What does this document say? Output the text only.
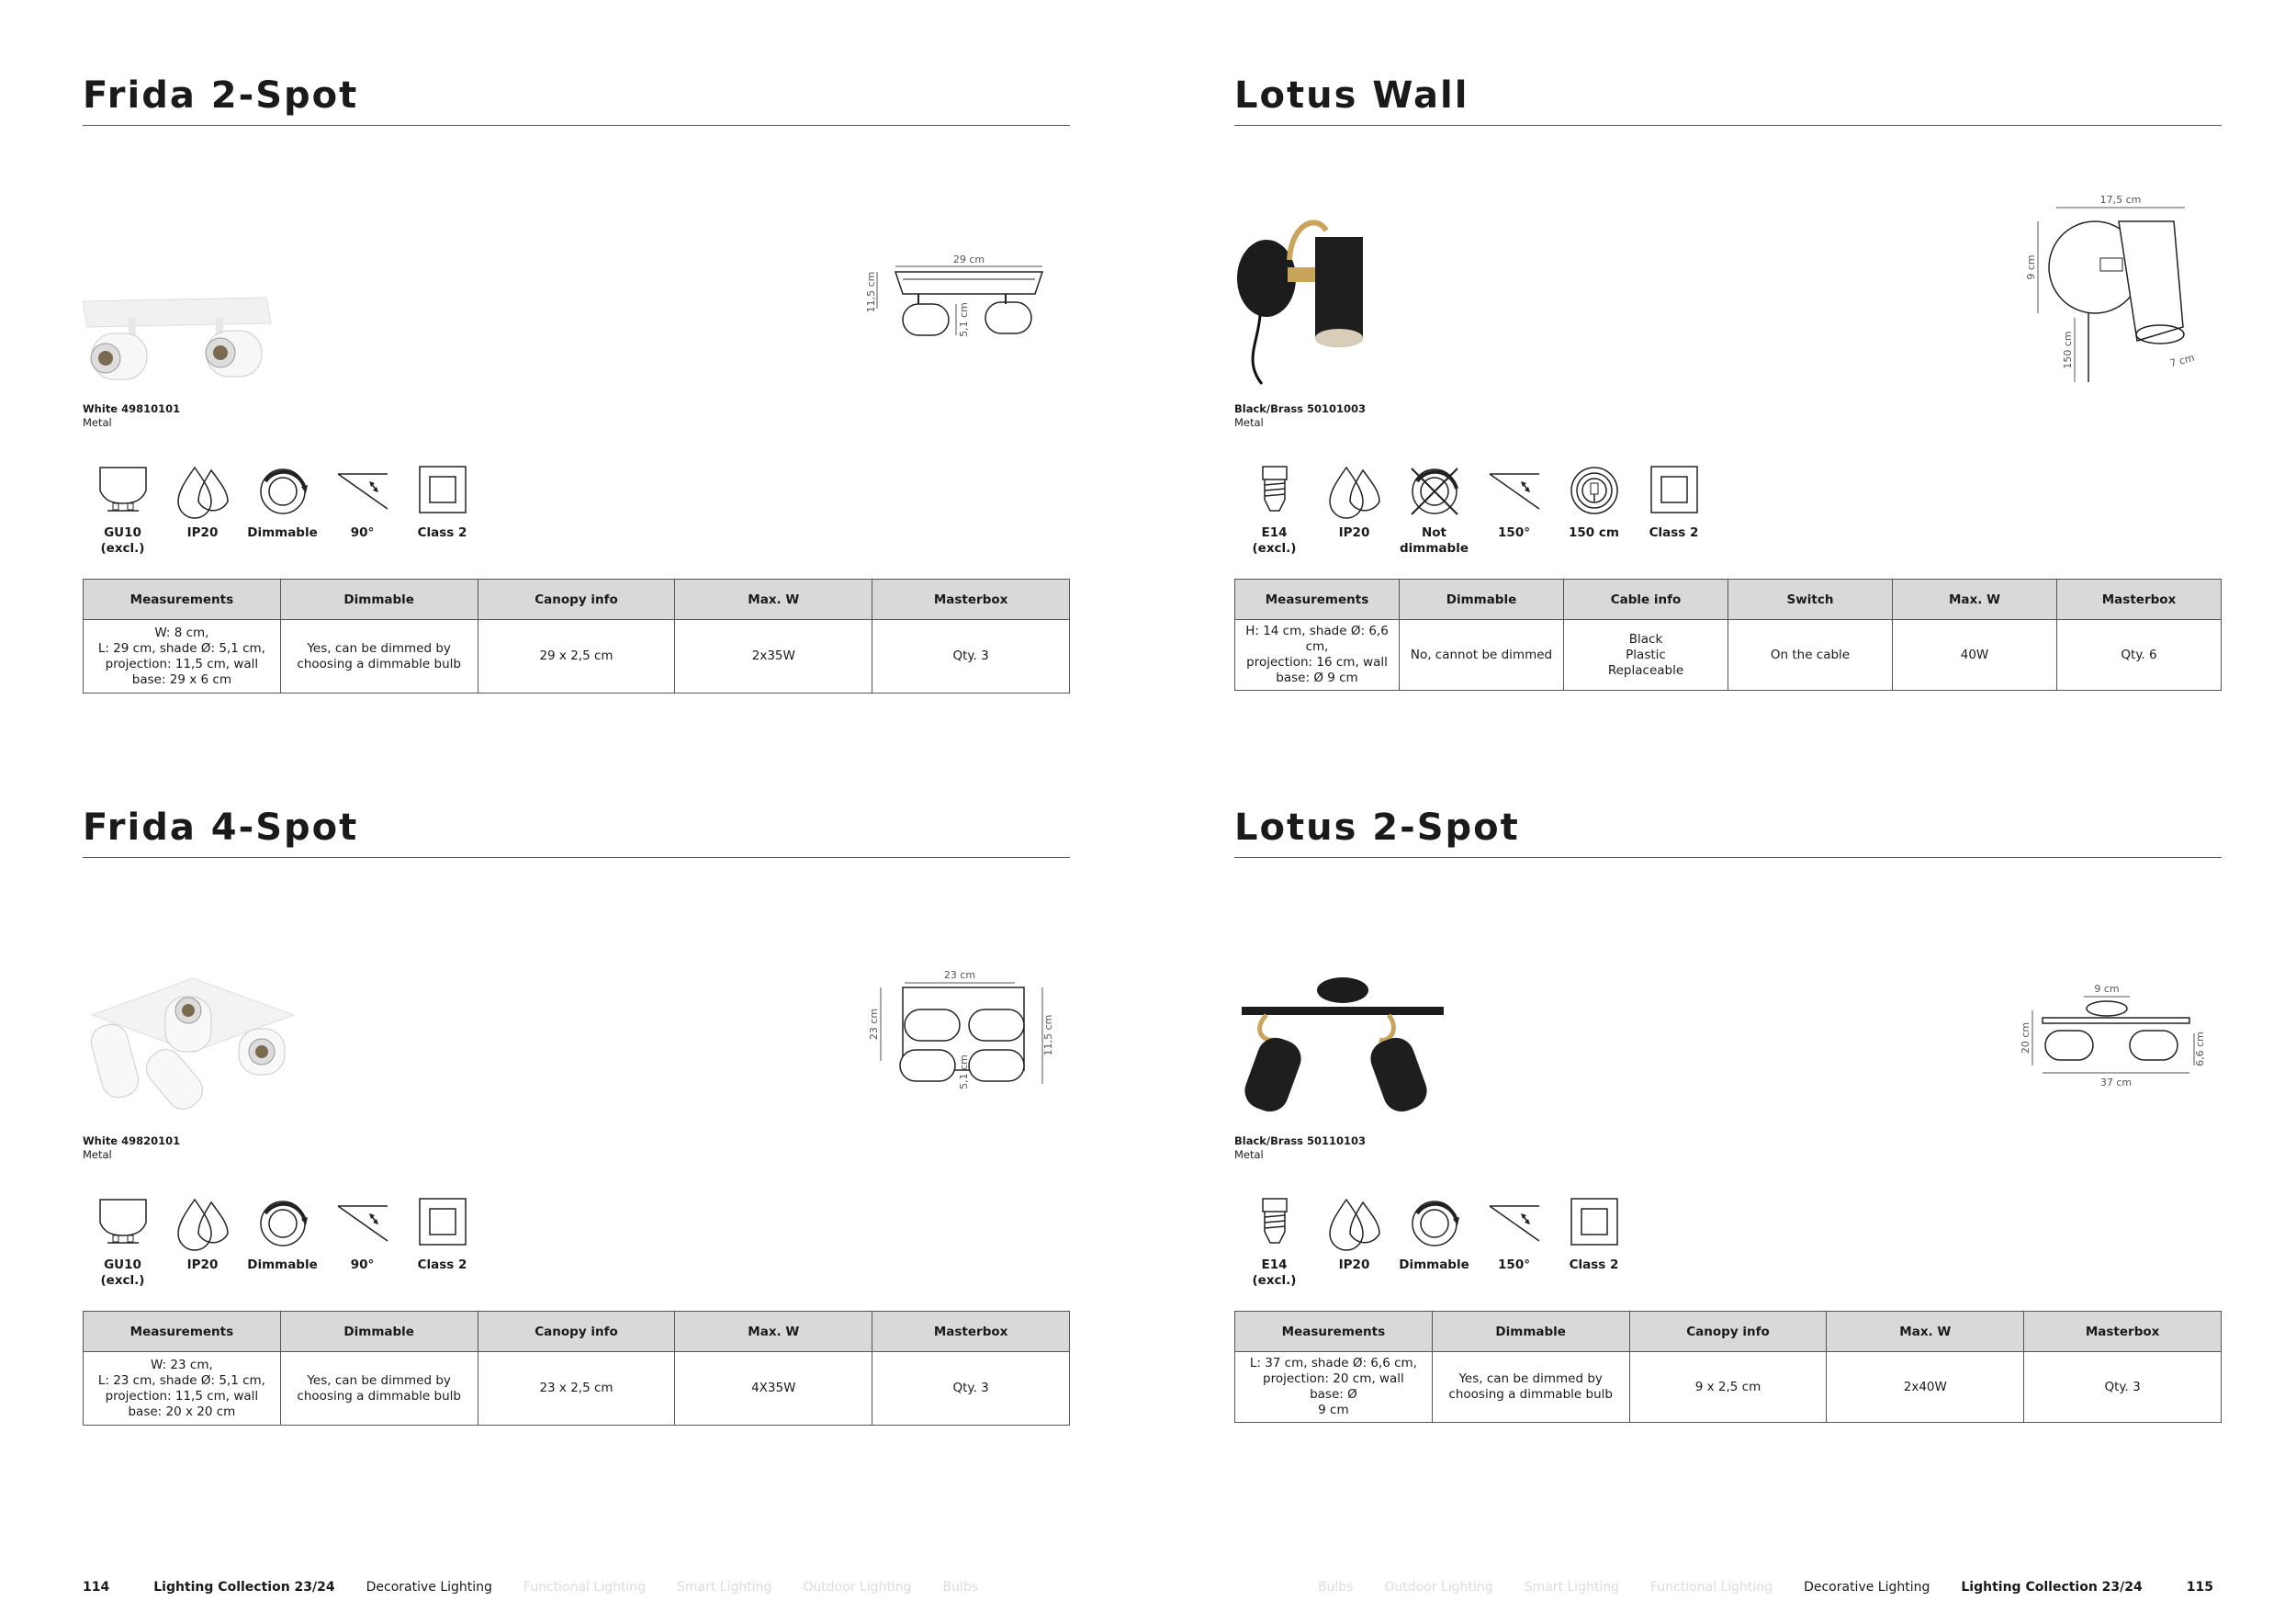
Frida 2-Spot
29 cm
11,5 cm
5,1 cm
White 49810101
Metal
GU10
(excl.)
IP20 Dimmable	90°	Class 2
Measurements	Dimmable	Canopy info	Max. W	Masterbox
W: 8 cm,
L: 29 cm, shade Ø: 5,1 cm,
projection: 11,5 cm, wall
base: 29 x 6 cm	Yes, can be dimmed by
choosing a dimmable bulb	29 x 2,5 cm	2x35W	Qty. 3
Lotus Wall
17,5 cm
9 cm
150 cm	7 cm
Black/Brass 50101003
Metal
E14
(excl.)
IP20	Not
dimmable
150°	150 cm Class 2
Measurements	Dimmable	Cable info	Switch	Max. W	Masterbox
H: 14 cm, shade Ø: 6,6 cm,
projection: 16 cm, wall
base: Ø 9 cm	No, cannot be dimmed	Black
Plastic
Replaceable	On the cable	40W	Qty. 6
Frida 4-Spot
23 cm
23 cm	11,5 cm
5,1 cm
White 49820101
Metal
GU10
(excl.)
IP20 Dimmable	90°	Class 2
Measurements	Dimmable	Canopy info	Max. W	Masterbox
W: 23 cm,
L: 23 cm, shade Ø: 5,1 cm,
projection: 11,5 cm, wall
base: 20 x 20 cm	Yes, can be dimmed by
choosing a dimmable bulb	23 x 2,5 cm	4X35W	Qty. 3
Lotus 2-Spot
9 cm
20 cm
37 cm
6,6 cm
Black/Brass 50110103
Metal
E14
(excl.)
IP20 Dimmable 150°	Class 2
Measurements	Dimmable	Canopy info	Max. W	Masterbox
L: 37 cm, shade Ø: 6,6 cm,
projection: 20 cm, wall base: Ø
9 cm	Yes, can be dimmed by
choosing a dimmable bulb	9 x 2,5 cm	2x40W	Qty. 3
114	Lighting Collection 23/24 Decorative Lighting Functional Lighting Smart Lighting Outdoor Lighting Bulbs	Bulbs Outdoor Lighting Smart Lighting Functional Lighting Decorative Lighting Lighting Collection 23/24	115
